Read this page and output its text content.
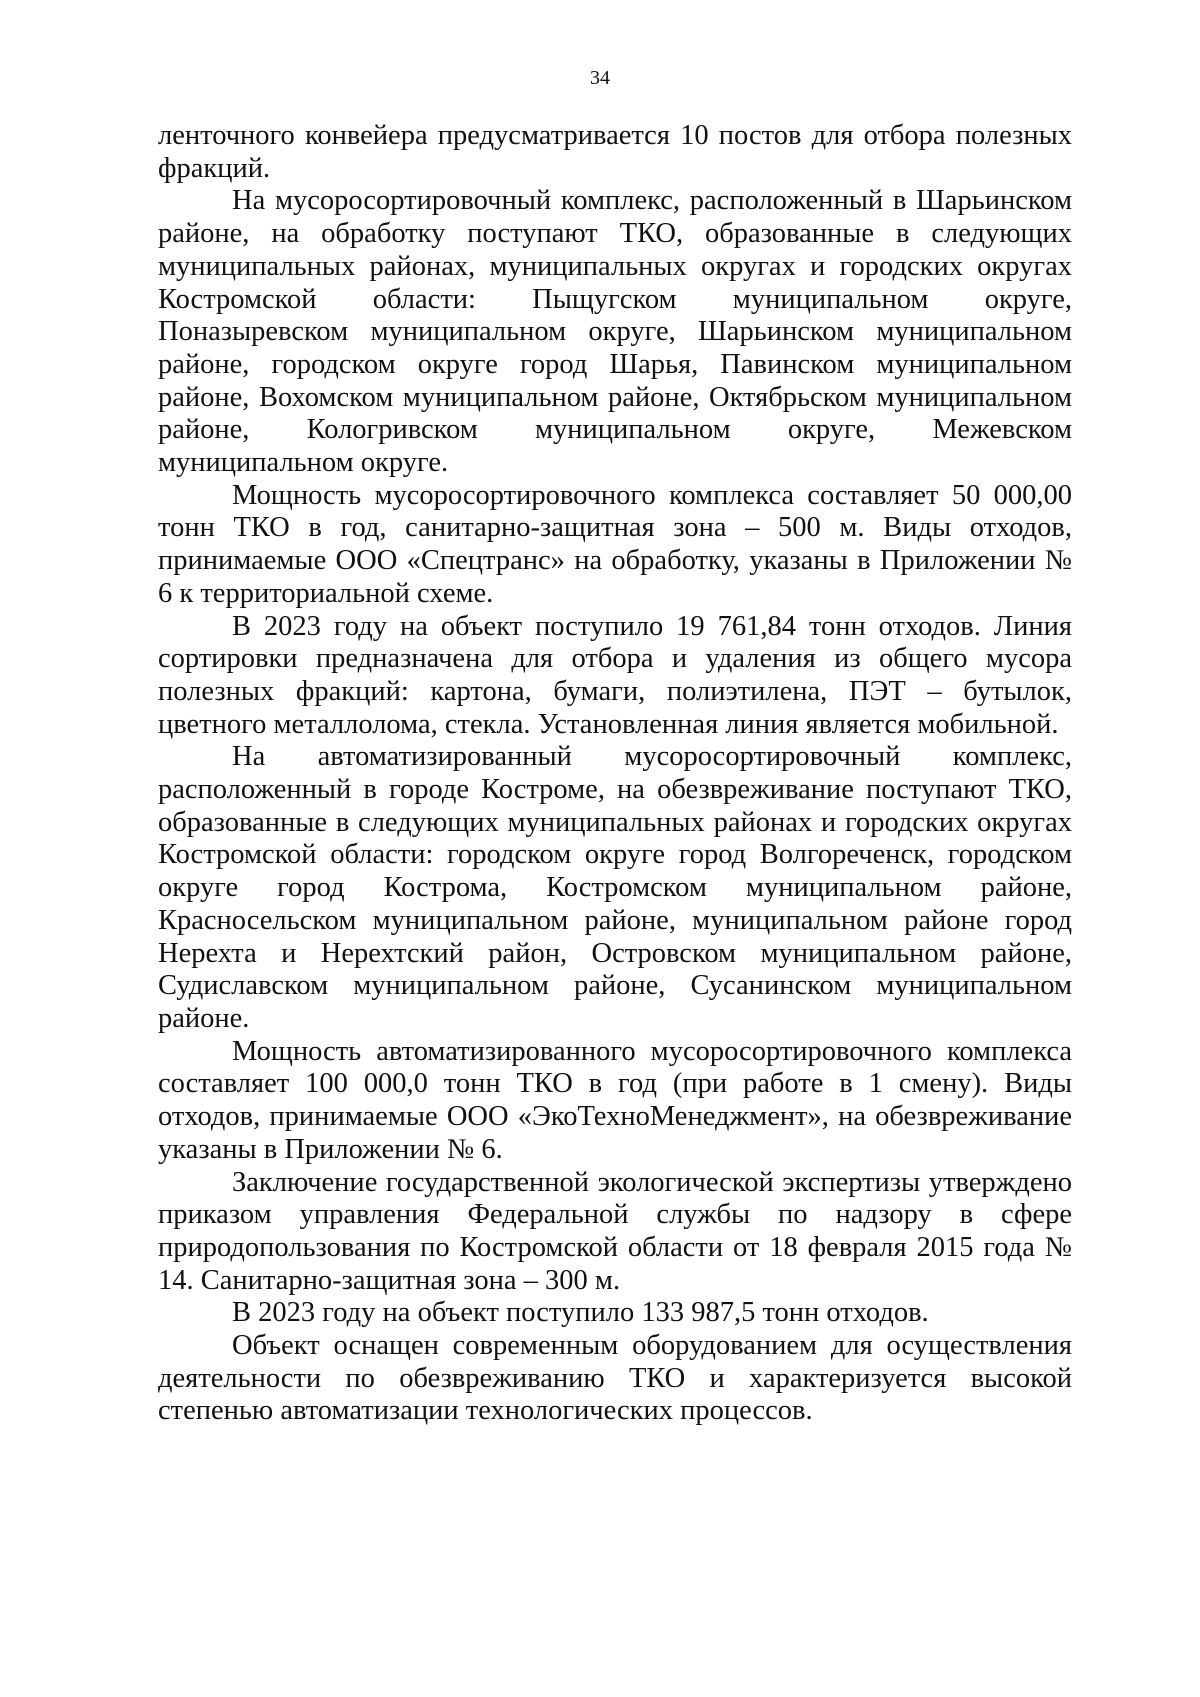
34

ленточного конвейера предусматривается 10 постов для отбора полезных фракций.

На мусоросортировочный комплекс, расположенный в Шарьинском районе, на обработку поступают ТКО, образованные в следующих муниципальных районах, муниципальных округах и городских округах Костромской области: Пыщугском муниципальном округе, Поназыревском муниципальном округе, Шарьинском муниципальном районе, городском округе город Шарья, Павинском муниципальном районе, Вохомском муниципальном районе, Октябрьском муниципальном районе, Кологривском муниципальном округе, Межевском муниципальном округе.

Мощность мусоросортировочного комплекса составляет 50 000,00 тонн ТКО в год, санитарно-защитная зона – 500 м. Виды отходов, принимаемые ООО «Спецтранс» на обработку, указаны в Приложении № 6 к территориальной схеме.

В 2023 году на объект поступило 19 761,84 тонн отходов. Линия сортировки предназначена для отбора и удаления из общего мусора полезных фракций: картона, бумаги, полиэтилена, ПЭТ – бутылок, цветного металлолома, стекла. Установленная линия является мобильной.

На автоматизированный мусоросортировочный комплекс, расположенный в городе Костроме, на обезвреживание поступают ТКО, образованные в следующих муниципальных районах и городских округах Костромской области: городском округе город Волгореченск, городском округе город Кострома, Костромском муниципальном районе, Красносельском муниципальном районе, муниципальном районе город Нерехта и Нерехтский район, Островском муниципальном районе, Судиславском муниципальном районе, Сусанинском муниципальном районе.

Мощность автоматизированного мусоросортировочного комплекса составляет 100 000,0 тонн ТКО в год (при работе в 1 смену). Виды отходов, принимаемые ООО «ЭкоТехноМенеджмент», на обезвреживание указаны в Приложении № 6.

Заключение государственной экологической экспертизы утверждено приказом управления Федеральной службы по надзору в сфере природопользования по Костромской области от 18 февраля 2015 года № 14. Санитарно-защитная зона – 300 м.

В 2023 году на объект поступило 133 987,5 тонн отходов.

Объект оснащен современным оборудованием для осуществления деятельности по обезвреживанию ТКО и характеризуется высокой степенью автоматизации технологических процессов.
